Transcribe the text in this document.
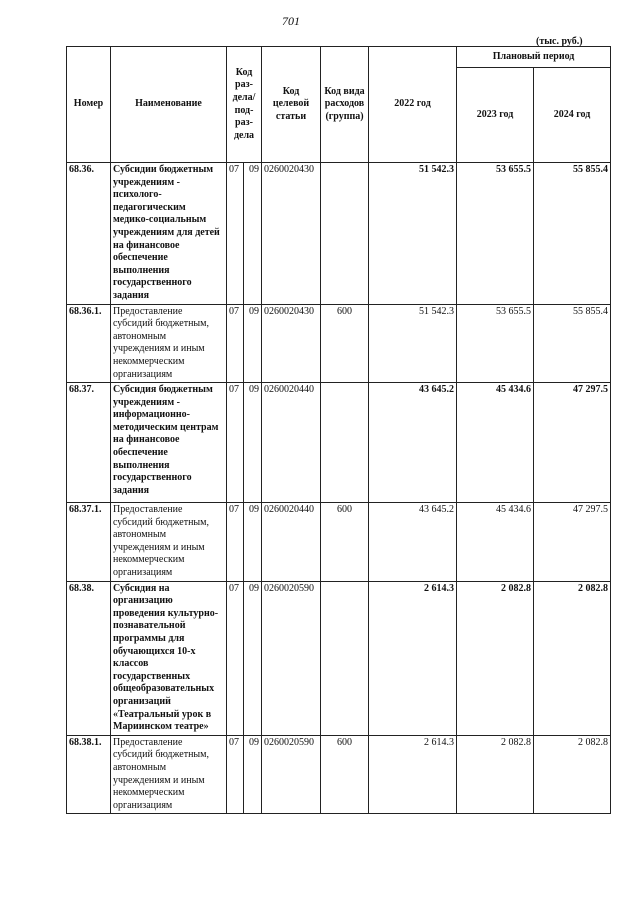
701
(тыс. руб.)
Номер	Наименование	Код раз-дела/ под-раз-дела		Код целевой статьи	Код вида расходов (группа)	2022 год	Плановый период	
							2023 год	2024 год
68.36.	Субсидии бюджетным учреждениям - психолого-педагогическим медико-социальным учреждениям для детей на финансовое обеспечение выполнения государственного задания	07	09	0260020430		51 542.3	53 655.5	55 855.4
68.36.1.	Предоставление субсидий бюджетным, автономным учреждениям и иным некоммерческим организациям	07	09	0260020430	600	51 542.3	53 655.5	55 855.4
68.37.	Субсидия бюджетным учреждениям - информационно-методическим центрам на финансовое обеспечение выполнения государственного задания	07	09	0260020440		43 645.2	45 434.6	47 297.5
68.37.1.	Предоставление субсидий бюджетным, автономным учреждениям и иным некоммерческим организациям	07	09	0260020440	600	43 645.2	45 434.6	47 297.5
68.38.	Субсидия на организацию проведения культурно-познавательной программы для обучающихся 10-х классов государственных общеобразовательных организаций «Театральный урок в Мариинском театре»	07	09	0260020590		2 614.3	2 082.8	2 082.8
68.38.1.	Предоставление субсидий бюджетным, автономным учреждениям и иным некоммерческим организациям	07	09	0260020590	600	2 614.3	2 082.8	2 082.8
